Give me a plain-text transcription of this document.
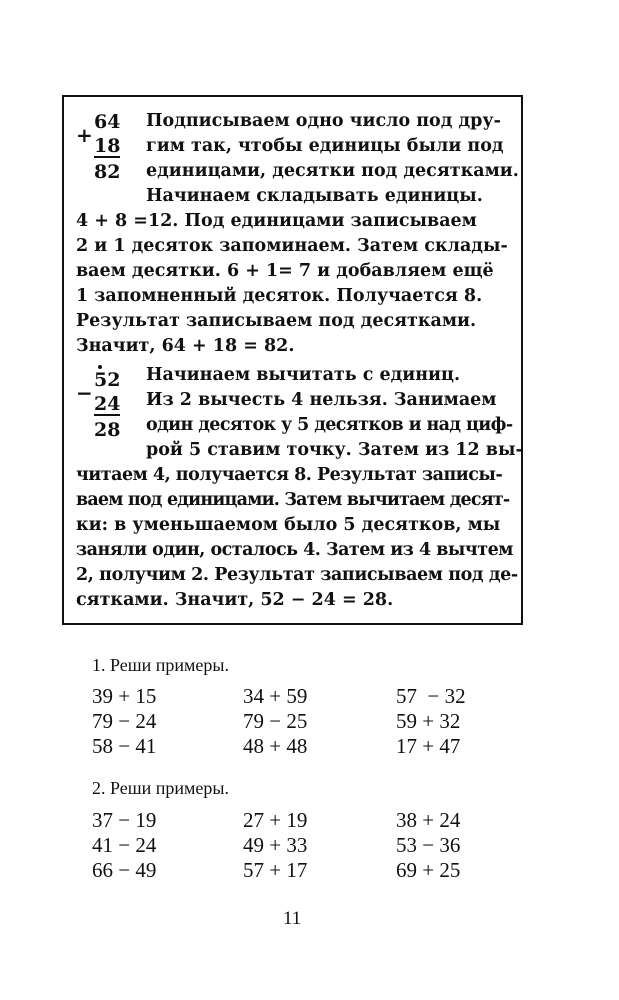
+
64
18
82
Подписываем одно число под дру-
гим так, чтобы единицы были под
единицами, десятки под десятками.
Начинаем складывать единицы.
4 + 8 =12. Под единицами записываем
2 и 1 десяток запоминаем. Затем склады-
ваем десятки. 6 + 1= 7 и добавляем ещё
1 запомненный десяток. Получается 8.
Результат записываем под десятками.
Значит, 64 + 18 = 82.
−
52
24
28
Начинаем вычитать с единиц.
Из 2 вычесть 4 нельзя. Занимаем
один десяток у 5 десятков и над циф-
рой 5 ставим точку. Затем из 12 вы-
читаем 4, получается 8. Результат записы-
ваем под единицами. Затем вычитаем десят-
ки: в уменьшаемом было 5 десятков, мы
заняли один, осталось 4. Затем из 4 вычтем
2, получим 2. Результат записываем под де-
сятками. Значит, 52 − 24 = 28.
1. Реши примеры.
39 + 15	34 + 59	57  − 32
79 − 24	79 − 25	59 + 32
58 − 41	48 + 48	17 + 47
2. Реши примеры.
37 − 19	27 + 19	38 + 24
41 − 24	49 + 33	53 − 36
66 − 49	57 + 17	69 + 25
11
